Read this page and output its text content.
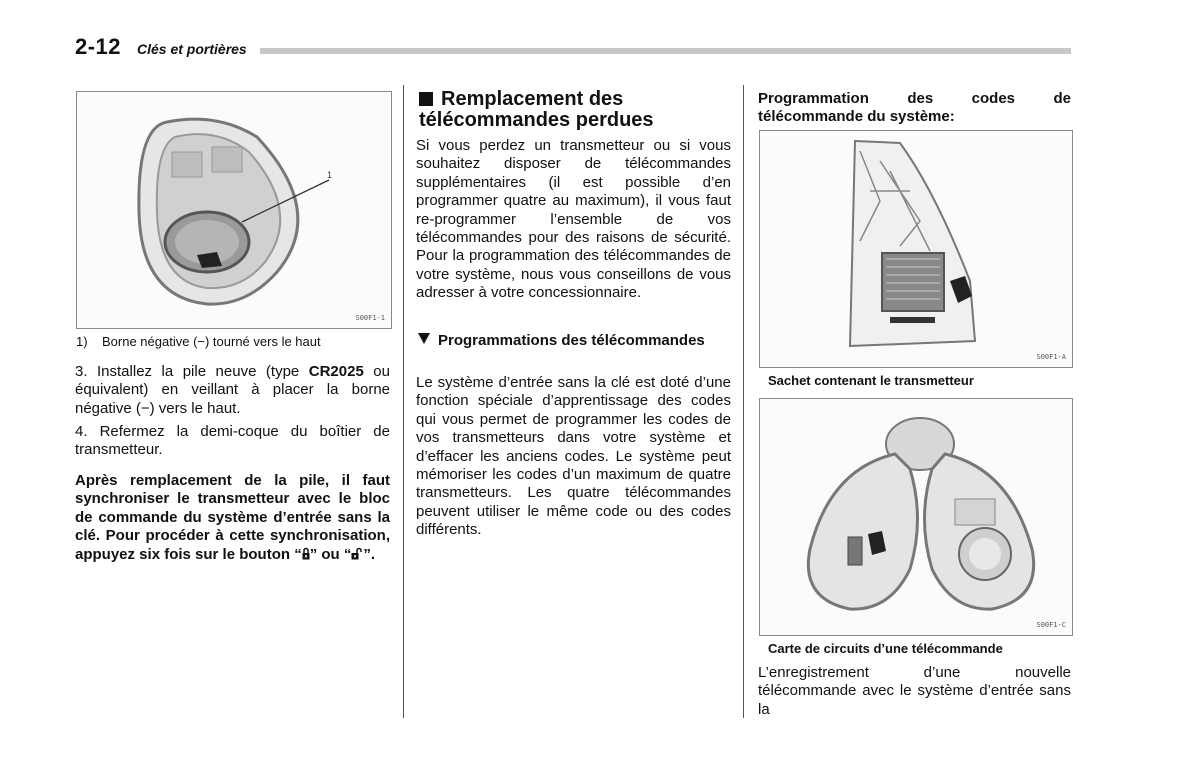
2-12 Clés et portières
1
S00F1-1
1) Borne négative (−) tourné vers le haut
3. Installez la pile neuve (type CR2025 ou équivalent) en veillant à placer la borne négative (−) vers le haut.
4. Refermez la demi-coque du boîtier de transmetteur.
Après remplacement de la pile, il faut synchroniser le transmetteur avec le bloc de commande du système d’entrée sans la clé. Pour procéder à cette synchronisation, appuyez six fois sur le bouton “ ” ou “ ”.
Remplacement des télécommandes perdues
Si vous perdez un transmetteur ou si vous souhaitez disposer de télécommandes supplémentaires (il est possible d’en programmer quatre au maximum), il vous faut re-programmer l’ensemble de vos télécommandes pour des raisons de sécurité. Pour la programmation des télécommandes de votre système, nous vous conseillons de vous adresser à votre concessionnaire.
Programmations des télécommandes
Le système d’entrée sans la clé est doté d’une fonction spéciale d’apprentissage des codes qui vous permet de programmer les codes de vos transmetteurs dans votre système et d’effacer les anciens codes. Le système peut mémoriser les codes d’un maximum de quatre transmetteurs. Les quatre télécommandes peuvent utiliser le même code ou des codes différents.
Programmation des codes de télécommande du système:
S00F1-A
Sachet contenant le transmetteur
S00F1-C
Carte de circuits d’une télécommande
L’enregistrement d’une nouvelle télécommande avec le système d’entrée sans la
